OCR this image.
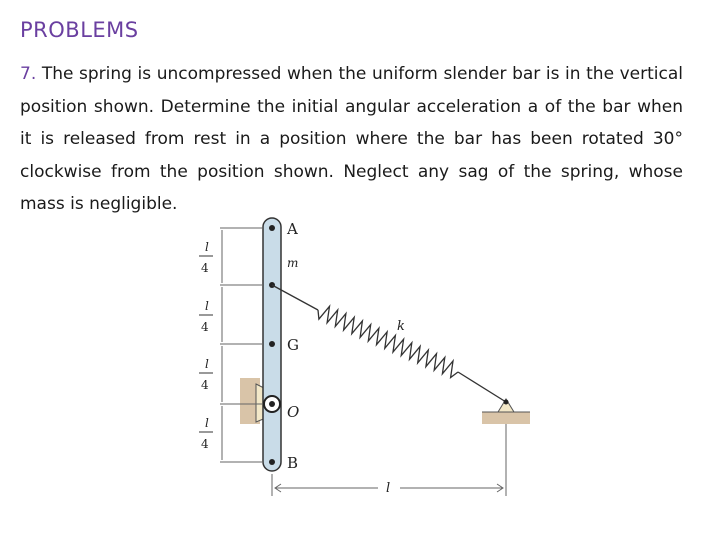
PROBLEMS
7. The spring is uncompressed when the uniform slender bar is in the vertical position shown. Determine the initial angular acceleration a of the bar when it is released from rest in a position where the bar has been rotated 30° clockwise from the position shown. Neglect any sag of the spring, whose mass is negligible.
l
4
l
4
l
4
l
4
A
m
G
O
B
k
l
